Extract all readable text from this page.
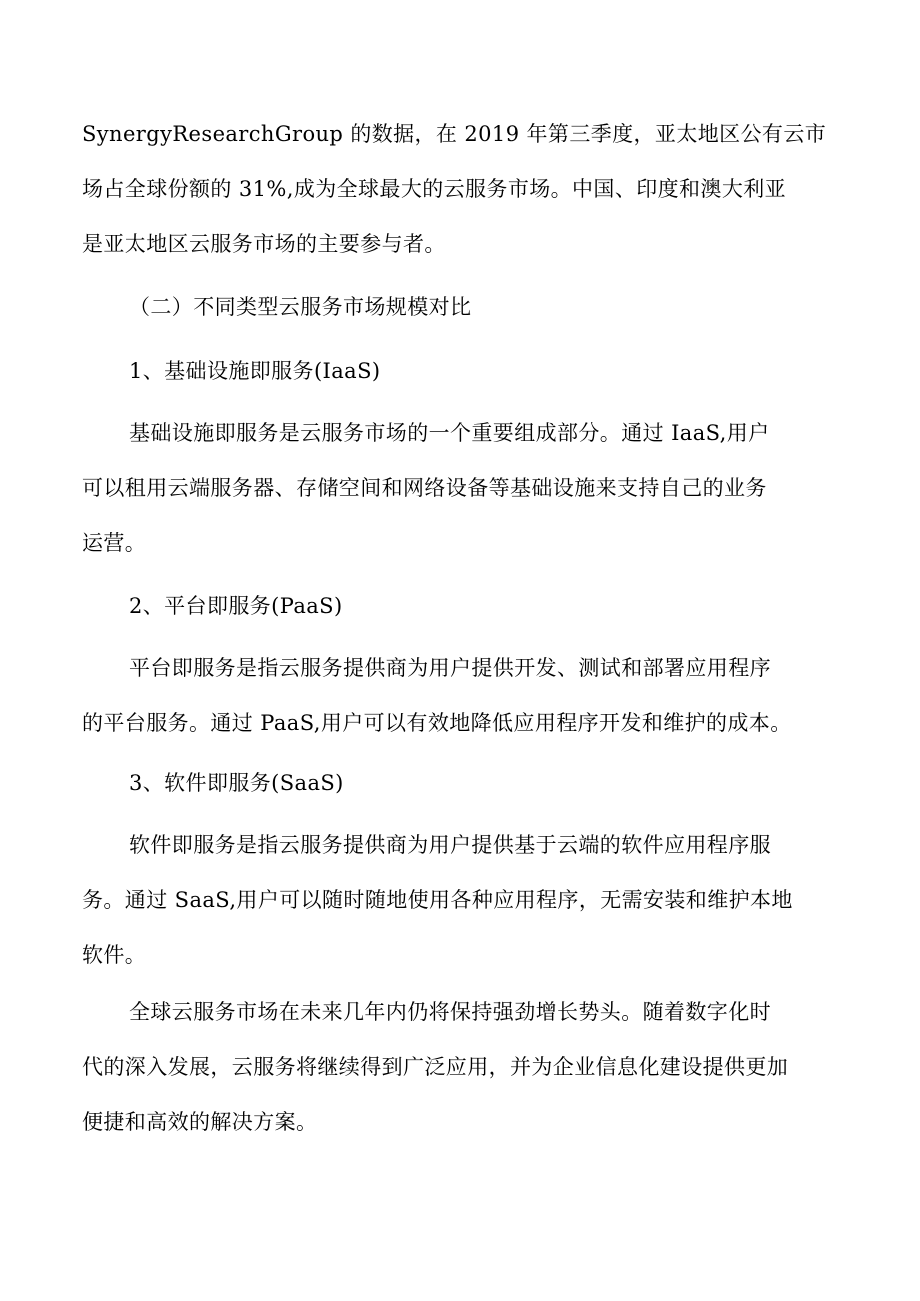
SynergyResearchGroup 的数据，在 2019 年第三季度，亚太地区公有云市
场占全球份额的 31%,成为全球最大的云服务市场。中国、印度和澳大利亚
是亚太地区云服务市场的主要参与者。
（二）不同类型云服务市场规模对比
1、基础设施即服务(IaaS)
基础设施即服务是云服务市场的一个重要组成部分。通过 IaaS,用户
可以租用云端服务器、存储空间和网络设备等基础设施来支持自己的业务
运营。
2、平台即服务(PaaS)
平台即服务是指云服务提供商为用户提供开发、测试和部署应用程序
的平台服务。通过 PaaS,用户可以有效地降低应用程序开发和维护的成本。
3、软件即服务(SaaS)
软件即服务是指云服务提供商为用户提供基于云端的软件应用程序服
务。通过 SaaS,用户可以随时随地使用各种应用程序，无需安装和维护本地
软件。
全球云服务市场在未来几年内仍将保持强劲增长势头。随着数字化时
代的深入发展，云服务将继续得到广泛应用，并为企业信息化建设提供更加
便捷和高效的解决方案。
